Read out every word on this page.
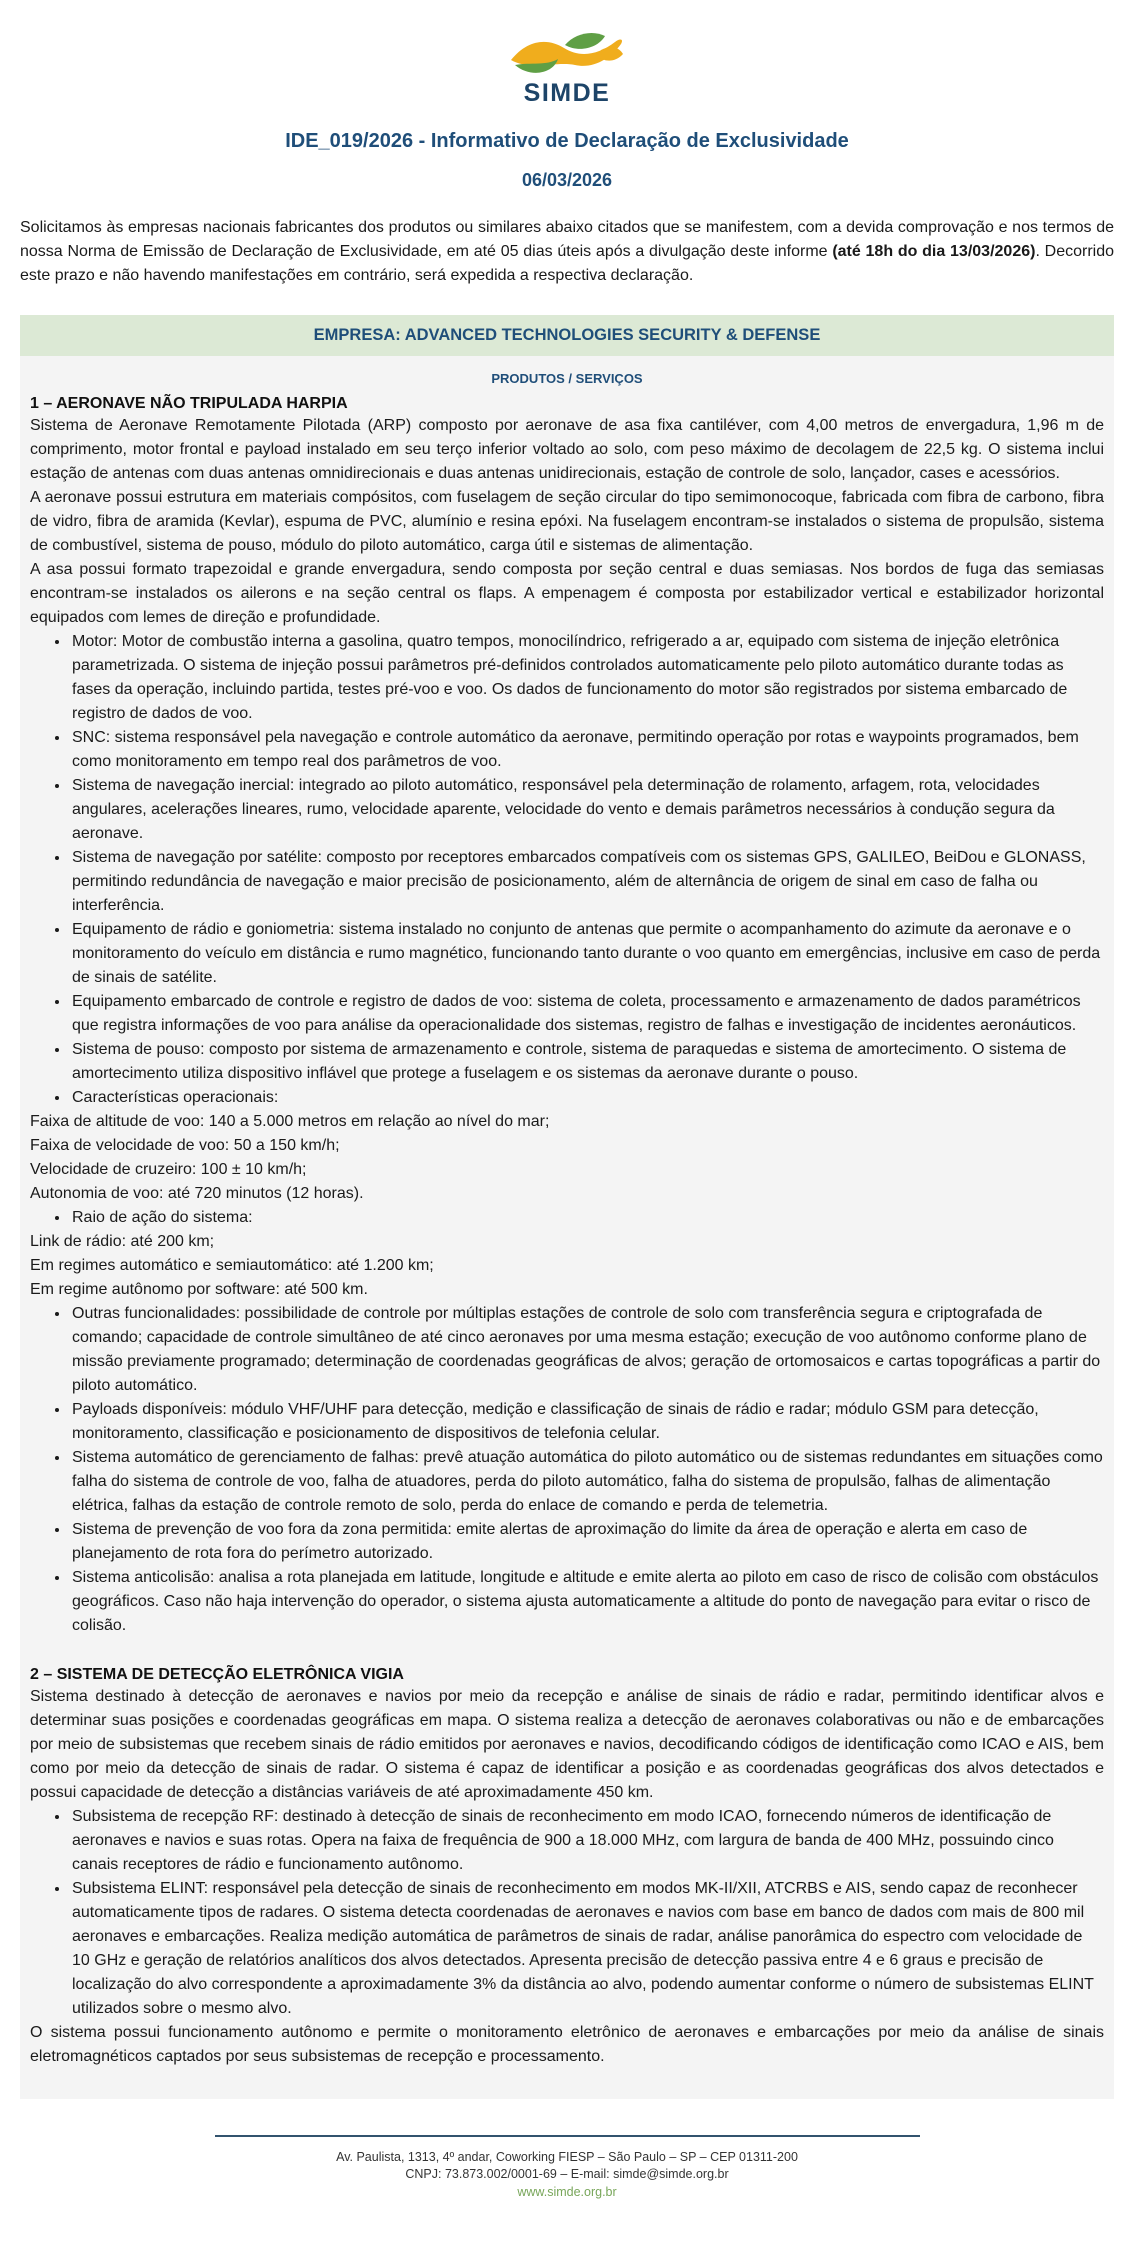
SIMDE
IDE_019/2026 - Informativo de Declaração de Exclusividade
06/03/2026

Solicitamos às empresas nacionais fabricantes dos produtos ou similares abaixo citados que se manifestem, com a devida comprovação e nos termos de nossa Norma de Emissão de Declaração de Exclusividade, em até 05 dias úteis após a divulgação deste informe (até 18h do dia 13/03/2026). Decorrido este prazo e não havendo manifestações em contrário, será expedida a respectiva declaração.

EMPRESA: ADVANCED TECHNOLOGIES SECURITY & DEFENSE
PRODUTOS / SERVIÇOS
1 – AERONAVE NÃO TRIPULADA HARPIA

Sistema de Aeronave Remotamente Pilotada (ARP) composto por aeronave de asa fixa cantiléver, com 4,00 metros de envergadura, 1,96 m de comprimento, motor frontal e payload instalado em seu terço inferior voltado ao solo, com peso máximo de decolagem de 22,5 kg. O sistema inclui estação de antenas com duas antenas omnidirecionais e duas antenas unidirecionais, estação de controle de solo, lançador, cases e acessórios.

A aeronave possui estrutura em materiais compósitos, com fuselagem de seção circular do tipo semimonocoque, fabricada com fibra de carbono, fibra de vidro, fibra de aramida (Kevlar), espuma de PVC, alumínio e resina epóxi. Na fuselagem encontram-se instalados o sistema de propulsão, sistema de combustível, sistema de pouso, módulo do piloto automático, carga útil e sistemas de alimentação.

A asa possui formato trapezoidal e grande envergadura, sendo composta por seção central e duas semiasas. Nos bordos de fuga das semiasas encontram-se instalados os ailerons e na seção central os flaps. A empenagem é composta por estabilizador vertical e estabilizador horizontal equipados com lemes de direção e profundidade.

• Motor: Motor de combustão interna a gasolina, quatro tempos, monocilíndrico, refrigerado a ar, equipado com sistema de injeção eletrônica parametrizada. O sistema de injeção possui parâmetros pré-definidos controlados automaticamente pelo piloto automático durante todas as fases da operação, incluindo partida, testes pré-voo e voo. Os dados de funcionamento do motor são registrados por sistema embarcado de registro de dados de voo.
• SNC: sistema responsável pela navegação e controle automático da aeronave, permitindo operação por rotas e waypoints programados, bem como monitoramento em tempo real dos parâmetros de voo.
• Sistema de navegação inercial: integrado ao piloto automático, responsável pela determinação de rolamento, arfagem, rota, velocidades angulares, acelerações lineares, rumo, velocidade aparente, velocidade do vento e demais parâmetros necessários à condução segura da aeronave.
• Sistema de navegação por satélite: composto por receptores embarcados compatíveis com os sistemas GPS, GALILEO, BeiDou e GLONASS, permitindo redundância de navegação e maior precisão de posicionamento, além de alternância de origem de sinal em caso de falha ou interferência.
• Equipamento de rádio e goniometria: sistema instalado no conjunto de antenas que permite o acompanhamento do azimute da aeronave e o monitoramento do veículo em distância e rumo magnético, funcionando tanto durante o voo quanto em emergências, inclusive em caso de perda de sinais de satélite.
• Equipamento embarcado de controle e registro de dados de voo: sistema de coleta, processamento e armazenamento de dados paramétricos que registra informações de voo para análise da operacionalidade dos sistemas, registro de falhas e investigação de incidentes aeronáuticos.
• Sistema de pouso: composto por sistema de armazenamento e controle, sistema de paraquedas e sistema de amortecimento. O sistema de amortecimento utiliza dispositivo inflável que protege a fuselagem e os sistemas da aeronave durante o pouso.
• Características operacionais:
Faixa de altitude de voo: 140 a 5.000 metros em relação ao nível do mar;
Faixa de velocidade de voo: 50 a 150 km/h;
Velocidade de cruzeiro: 100 ± 10 km/h;
Autonomia de voo: até 720 minutos (12 horas).
• Raio de ação do sistema:
Link de rádio: até 200 km;
Em regimes automático e semiautomático: até 1.200 km;
Em regime autônomo por software: até 500 km.
• Outras funcionalidades: possibilidade de controle por múltiplas estações de controle de solo com transferência segura e criptografada de comando; capacidade de controle simultâneo de até cinco aeronaves por uma mesma estação; execução de voo autônomo conforme plano de missão previamente programado; determinação de coordenadas geográficas de alvos; geração de ortomosaicos e cartas topográficas a partir do piloto automático.
• Payloads disponíveis: módulo VHF/UHF para detecção, medição e classificação de sinais de rádio e radar; módulo GSM para detecção, monitoramento, classificação e posicionamento de dispositivos de telefonia celular.
• Sistema automático de gerenciamento de falhas: prevê atuação automática do piloto automático ou de sistemas redundantes em situações como falha do sistema de controle de voo, falha de atuadores, perda do piloto automático, falha do sistema de propulsão, falhas de alimentação elétrica, falhas da estação de controle remoto de solo, perda do enlace de comando e perda de telemetria.
• Sistema de prevenção de voo fora da zona permitida: emite alertas de aproximação do limite da área de operação e alerta em caso de planejamento de rota fora do perímetro autorizado.
• Sistema anticolisão: analisa a rota planejada em latitude, longitude e altitude e emite alerta ao piloto em caso de risco de colisão com obstáculos geográficos. Caso não haja intervenção do operador, o sistema ajusta automaticamente a altitude do ponto de navegação para evitar o risco de colisão.
2 – SISTEMA DE DETECÇÃO ELETRÔNICA VIGIA

Sistema destinado à detecção de aeronaves e navios por meio da recepção e análise de sinais de rádio e radar, permitindo identificar alvos e determinar suas posições e coordenadas geográficas em mapa. O sistema realiza a detecção de aeronaves colaborativas ou não e de embarcações por meio de subsistemas que recebem sinais de rádio emitidos por aeronaves e navios, decodificando códigos de identificação como ICAO e AIS, bem como por meio da detecção de sinais de radar. O sistema é capaz de identificar a posição e as coordenadas geográficas dos alvos detectados e possui capacidade de detecção a distâncias variáveis de até aproximadamente 450 km.

• Subsistema de recepção RF: destinado à detecção de sinais de reconhecimento em modo ICAO, fornecendo números de identificação de aeronaves e navios e suas rotas. Opera na faixa de frequência de 900 a 18.000 MHz, com largura de banda de 400 MHz, possuindo cinco canais receptores de rádio e funcionamento autônomo.
• Subsistema ELINT: responsável pela detecção de sinais de reconhecimento em modos MK-II/XII, ATCRBS e AIS, sendo capaz de reconhecer automaticamente tipos de radares. O sistema detecta coordenadas de aeronaves e navios com base em banco de dados com mais de 800 mil aeronaves e embarcações. Realiza medição automática de parâmetros de sinais de radar, análise panorâmica do espectro com velocidade de 10 GHz e geração de relatórios analíticos dos alvos detectados. Apresenta precisão de detecção passiva entre 4 e 6 graus e precisão de localização do alvo correspondente a aproximadamente 3% da distância ao alvo, podendo aumentar conforme o número de subsistemas ELINT utilizados sobre o mesmo alvo.

O sistema possui funcionamento autônomo e permite o monitoramento eletrônico de aeronaves e embarcações por meio da análise de sinais eletromagnéticos captados por seus subsistemas de recepção e processamento.

Av. Paulista, 1313, 4º andar, Coworking FIESP – São Paulo – SP – CEP 01311-200
CNPJ: 73.873.002/0001-69 – E-mail: simde@simde.org.br
www.simde.org.br
